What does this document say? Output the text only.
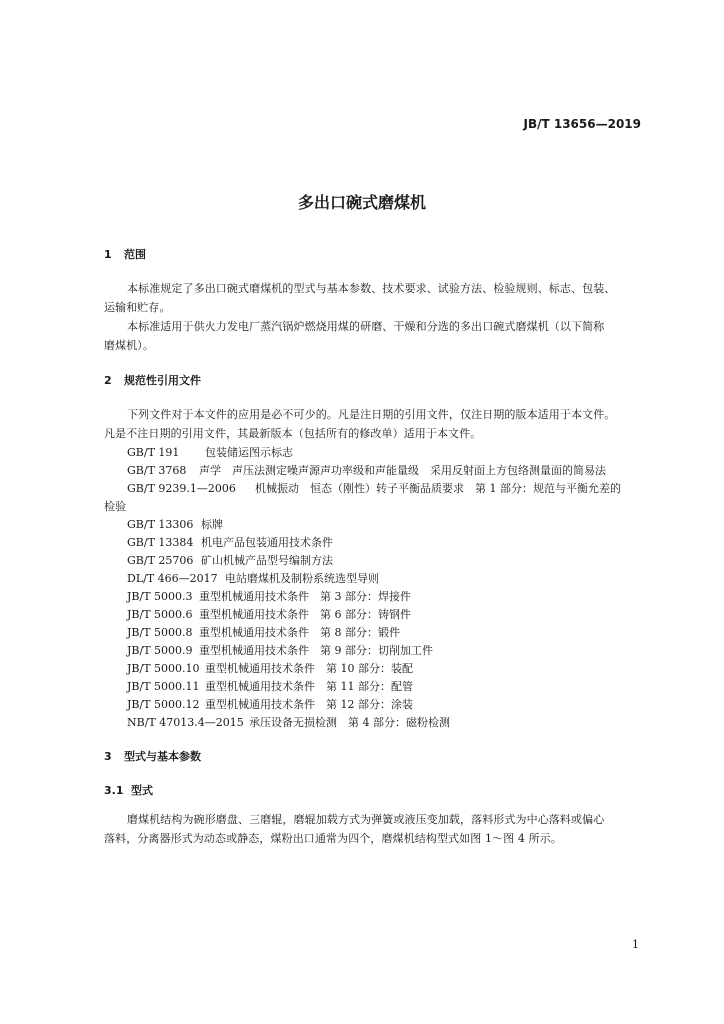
JB/T 13656—2019
多出口碗式磨煤机
1 范围
本标准规定了多出口碗式磨煤机的型式与基本参数、技术要求、试验方法、检验规则、标志、包装、
运输和贮存。
本标准适用于供火力发电厂蒸汽锅炉燃烧用煤的研磨、干燥和分选的多出口碗式磨煤机（以下简称
磨煤机）。
2 规范性引用文件
下列文件对于本文件的应用是必不可少的。凡是注日期的引用文件，仅注日期的版本适用于本文件。
凡是不注日期的引用文件，其最新版本（包括所有的修改单）适用于本文件。
GB/T 191 包装储运图示标志
GB/T 3768 声学　声压法测定噪声源声功率级和声能量级　采用反射面上方包络测量面的简易法
GB/T 9239.1—2006 机械振动　恒态（刚性）转子平衡品质要求　第 1 部分：规范与平衡允差的
检验
GB/T 13306 标牌
GB/T 13384 机电产品包装通用技术条件
GB/T 25706 矿山机械产品型号编制方法
DL/T 466—2017 电站磨煤机及制粉系统选型导则
JB/T 5000.3 重型机械通用技术条件　第 3 部分：焊接件
JB/T 5000.6 重型机械通用技术条件　第 6 部分：铸钢件
JB/T 5000.8 重型机械通用技术条件　第 8 部分：锻件
JB/T 5000.9 重型机械通用技术条件　第 9 部分：切削加工件
JB/T 5000.10 重型机械通用技术条件　第 10 部分：装配
JB/T 5000.11 重型机械通用技术条件　第 11 部分：配管
JB/T 5000.12 重型机械通用技术条件　第 12 部分：涂装
NB/T 47013.4—2015 承压设备无损检测　第 4 部分：磁粉检测
3 型式与基本参数
3.1 型式
磨煤机结构为碗形磨盘、三磨辊，磨辊加载方式为弹簧或液压变加载，落料形式为中心落料或偏心
落料，分离器形式为动态或静态，煤粉出口通常为四个，磨煤机结构型式如图 1～图 4 所示。
1
